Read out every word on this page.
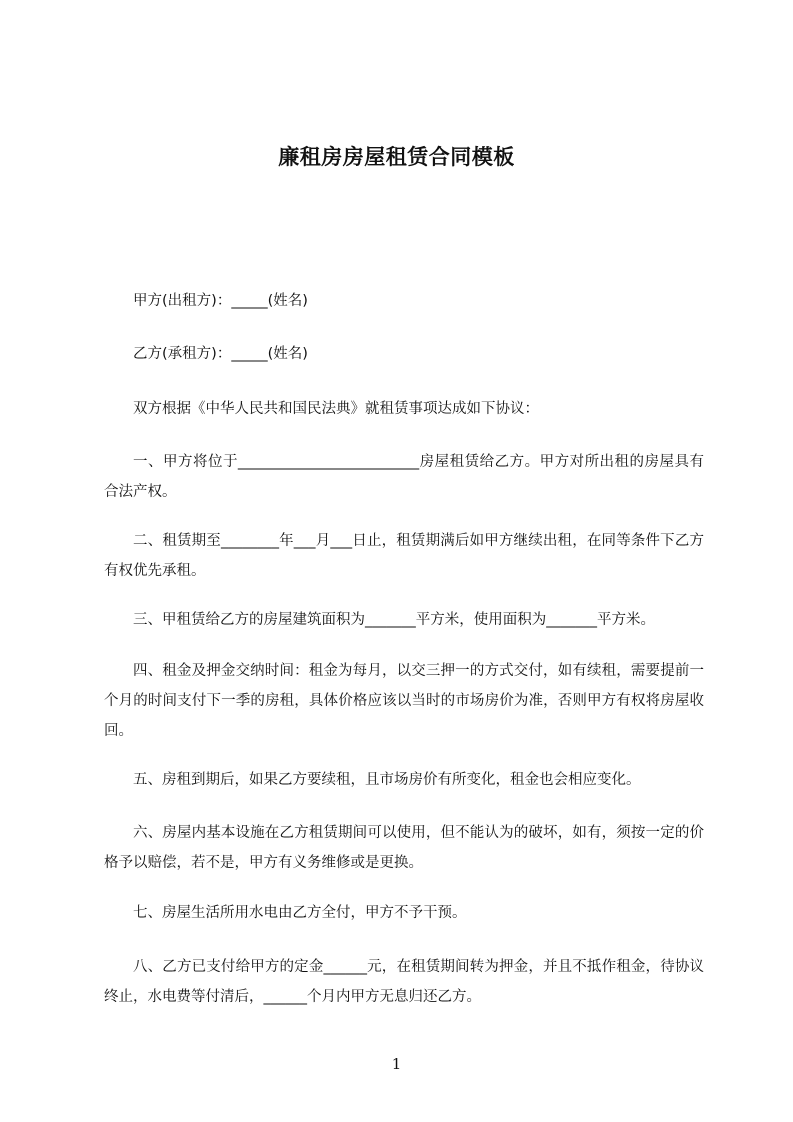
廉租房房屋租赁合同模板

甲方(出租方)：_____(姓名)

乙方(承租方)：_____(姓名)

双方根据《中华人民共和国民法典》就租赁事项达成如下协议：

一、甲方将位于_________________________房屋租赁给乙方。甲方对所出租的房屋具有合法产权。

二、租赁期至________年___月___日止，租赁期满后如甲方继续出租，在同等条件下乙方有权优先承租。

三、甲租赁给乙方的房屋建筑面积为_______平方米，使用面积为_______平方米。

四、租金及押金交纳时间：租金为每月，以交三押一的方式交付，如有续租，需要提前一个月的时间支付下一季的房租，具体价格应该以当时的市场房价为准，否则甲方有权将房屋收回。

五、房租到期后，如果乙方要续租，且市场房价有所变化，租金也会相应变化。

六、房屋内基本设施在乙方租赁期间可以使用，但不能认为的破坏，如有，须按一定的价格予以赔偿，若不是，甲方有义务维修或是更换。

七、房屋生活所用水电由乙方全付，甲方不予干预。

八、乙方已支付给甲方的定金______元，在租赁期间转为押金，并且不抵作租金，待协议终止，水电费等付清后，______个月内甲方无息归还乙方。

1
